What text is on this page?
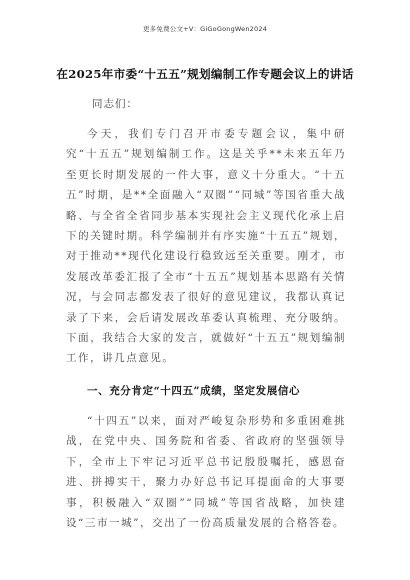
更多免费公文+V：GiGoGongWen2024
在2025年市委“十五五”规划编制工作专题会议上的讲话

同志们：

今天，我们专门召开市委专题会议，集中研究“十五五”规划编制工作。这是关乎**未来五年乃至更长时期发展的一件大事，意义十分重大。“十五五”时期，是**全面融入“双圈”“同城”等国省重大战略、与全省全省同步基本实现社会主义现代化承上启下的关键时期。科学编制并有序实施“十五五”规划，对于推动**现代化建设行稳致远至关重要。刚才，市发展改革委汇报了全市“十五五”规划基本思路有关情况，与会同志都发表了很好的意见建议，我都认真记录了下来，会后请发展改革委认真梳理、充分吸纳。下面，我结合大家的发言，就做好“十五五”规划编制工作，讲几点意见。

一、充分肯定“十四五”成绩，坚定发展信心

“十四五”以来，面对严峻复杂形势和多重困难挑战，在党中央、国务院和省委、省政府的坚强领导下，全市上下牢记习近平总书记殷殷嘱托，感恩奋进、拼搏实干，聚力办好总书记耳提面命的大事要事，积极融入“双圈”“同城”等国省战略，加快建设“三市一城”，交出了一份高质量发展的合格答卷。
